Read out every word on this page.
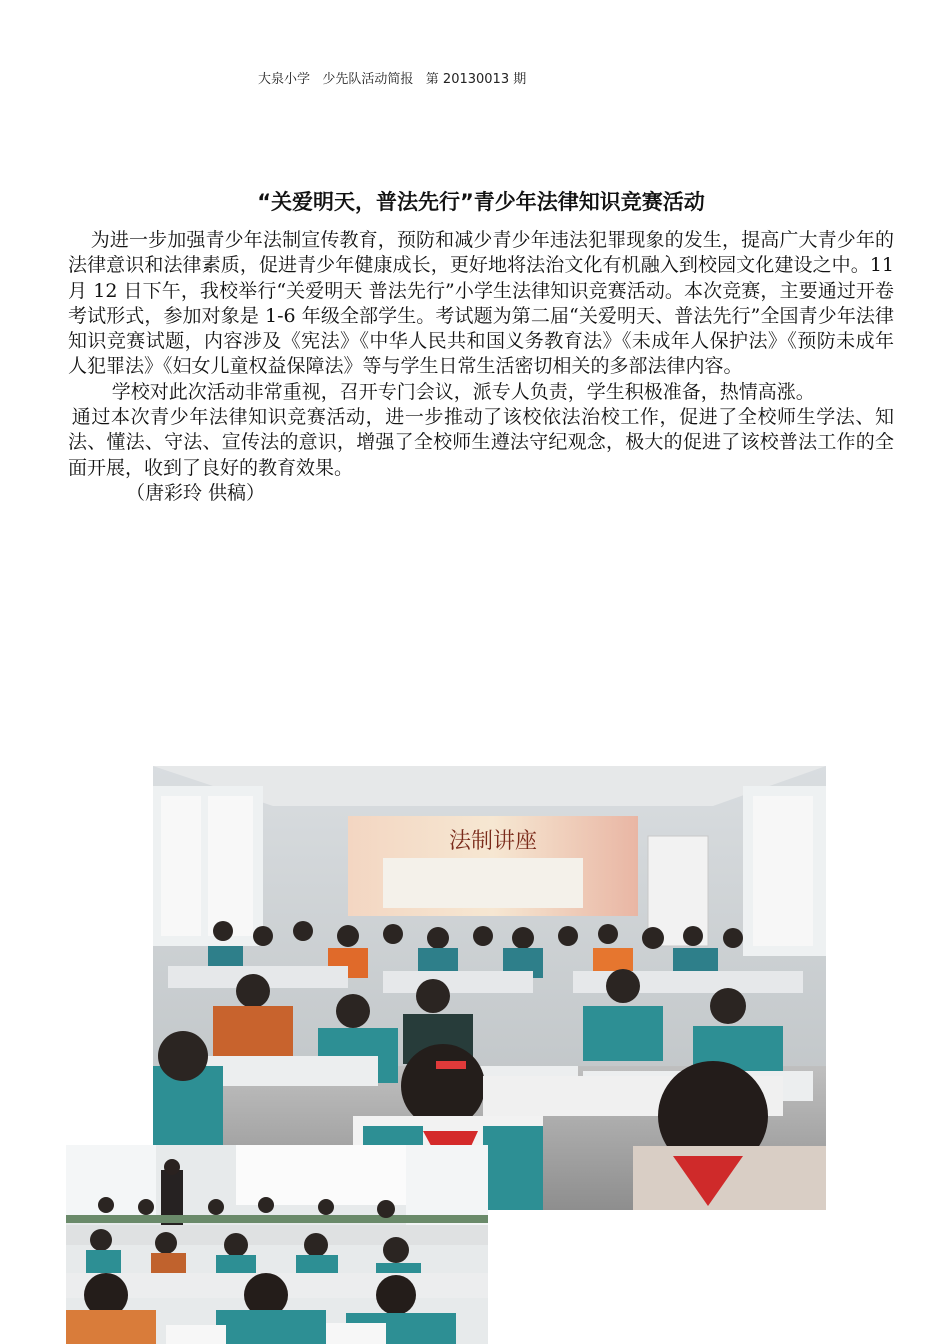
大泉小学   少先队活动简报   第 20130013 期
“关爱明天，普法先行”青少年法律知识竞赛活动

为进一步加强青少年法制宣传教育，预防和减少青少年违法犯罪现象的发生，提高广大青少年的法律意识和法律素质，促进青少年健康成长，更好地将法治文化有机融入到校园文化建设之中。11 月 12 日下午，我校举行“关爱明天 普法先行”小学生法律知识竞赛活动。本次竞赛，主要通过开卷考试形式，参加对象是 1-6 年级全部学生。考试题为第二届“关爱明天、普法先行”全国青少年法律知识竞赛试题，内容涉及《宪法》《中华人民共和国义务教育法》《未成年人保护法》《预防未成年人犯罪法》《妇女儿童权益保障法》等与学生日常生活密切相关的多部法律内容。

学校对此次活动非常重视，召开专门会议，派专人负责，学生积极准备，热情高涨。

通过本次青少年法律知识竞赛活动，进一步推动了该校依法治校工作，促进了全校师生学法、知法、懂法、守法、宣传法的意识，增强了全校师生遵法守纪观念，极大的促进了该校普法工作的全面开展，收到了良好的教育效果。

（唐彩玲 供稿）

法制讲座
